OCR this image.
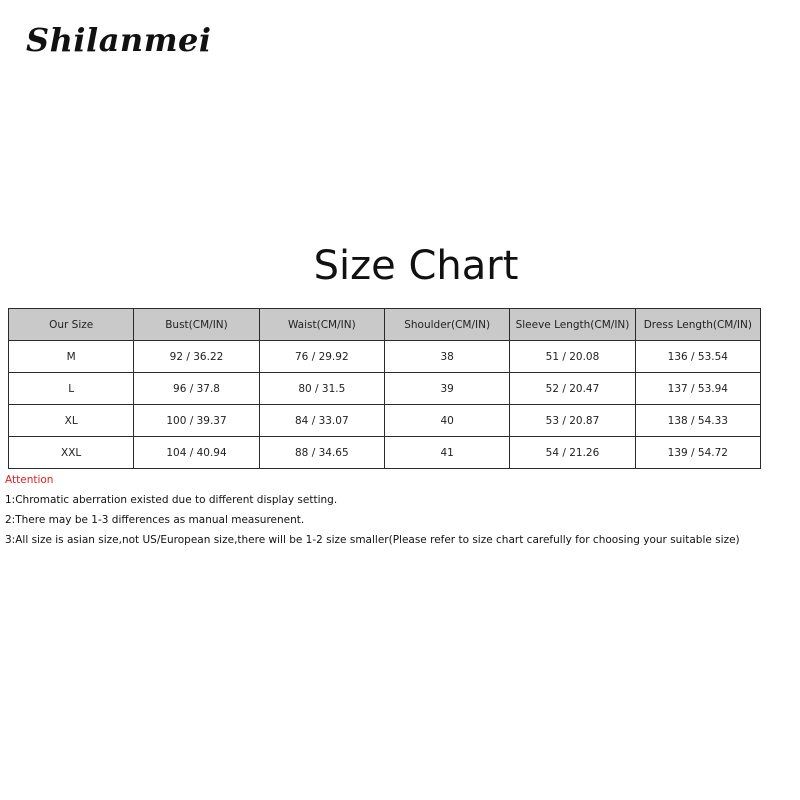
Shilanmei
Size Chart
Our Size	Bust(CM/IN)	Waist(CM/IN)	Shoulder(CM/IN)	Sleeve Length(CM/IN)	Dress Length(CM/IN)
M	92 / 36.22	76 / 29.92	38	51 / 20.08	136 / 53.54
L	96 / 37.8	80 / 31.5	39	52 / 20.47	137 / 53.94
XL	100 / 39.37	84 / 33.07	40	53 / 20.87	138 / 54.33
XXL	104 / 40.94	88 / 34.65	41	54 / 21.26	139 / 54.72
Attention
1:Chromatic aberration existed due to different display setting.
2:There may be 1-3 differences as manual measurenent.
3:All size is asian size,not US/European size,there will be 1-2 size smaller(Please refer to size chart carefully for choosing your suitable size)
